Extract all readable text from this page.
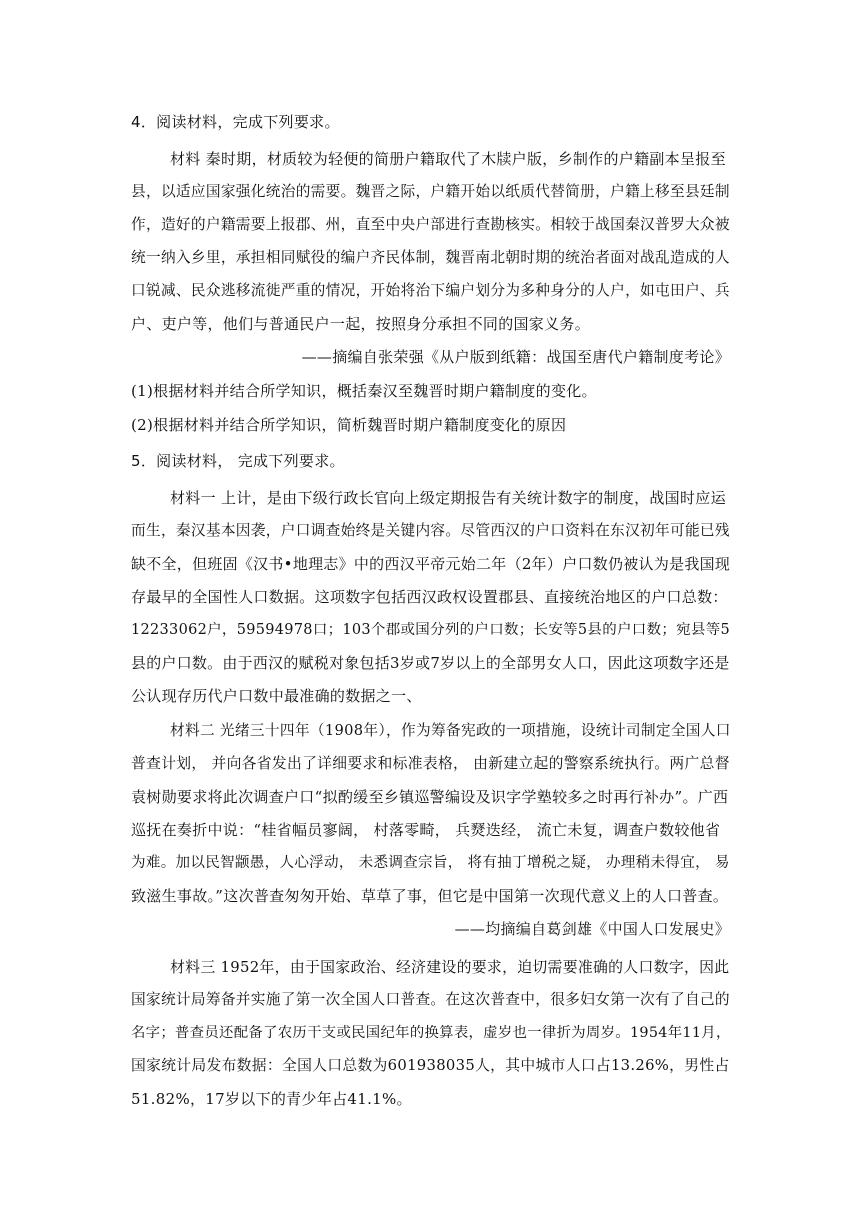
4．阅读材料，完成下列要求。
材料 秦时期，材质较为轻便的简册户籍取代了木牍户版，乡制作的户籍副本呈报至
县，以适应国家强化统治的需要。魏晋之际，户籍开始以纸质代替简册，户籍上移至县廷制
作，造好的户籍需要上报郡、州，直至中央户部进行查勘核实。相较于战国秦汉普罗大众被
统一纳入乡里，承担相同赋役的编户齐民体制，魏晋南北朝时期的统治者面对战乱造成的人
口锐减、民众逃移流徙严重的情况，开始将治下编户划分为多种身分的人户，如屯田户、兵
户、吏户等，他们与普通民户一起，按照身分承担不同的国家义务。
——摘编自张荣强《从户版到纸籍：战国至唐代户籍制度考论》
(1)根据材料并结合所学知识，概括秦汉至魏晋时期户籍制度的变化。
(2)根据材料并结合所学知识，简析魏晋时期户籍制度变化的原因
5．阅读材料， 完成下列要求。
材料一 上计，是由下级行政长官向上级定期报告有关统计数字的制度，战国时应运
而生，秦汉基本因袭，户口调查始终是关键内容。尽管西汉的户口资料在东汉初年可能已残
缺不全，但班固《汉书•地理志》中的西汉平帝元始二年（2年）户口数仍被认为是我国现
存最早的全国性人口数据。这项数字包括西汉政权设置郡县、直接统治地区的户口总数：
12233062户，59594978口；103个郡或国分列的户口数；长安等5县的户口数；宛县等5
县的户口数。由于西汉的赋税对象包括3岁或7岁以上的全部男女人口，因此这项数字还是
公认现存历代户口数中最准确的数据之一、
材料二 光绪三十四年（1908年），作为筹备宪政的一项措施，设统计司制定全国人口
普查计划， 并向各省发出了详细要求和标准表格， 由新建立起的警察系统执行。两广总督
袁树勋要求将此次调查户口“拟酌缓至乡镇巡警编设及识字学塾较多之时再行补办”。广西
巡抚在奏折中说：“桂省幅员寥阔， 村落零畸， 兵燹迭经， 流亡未复，调查户数较他省
为难。加以民智颛愚，人心浮动， 未悉调查宗旨， 将有抽丁增税之疑， 办理稍未得宜， 易
致滋生事故。”这次普查匆匆开始、草草了事，但它是中国第一次现代意义上的人口普查。
——均摘编自葛剑雄《中国人口发展史》
材料三 1952年，由于国家政治、经济建设的要求，迫切需要准确的人口数字，因此
国家统计局筹备并实施了第一次全国人口普查。在这次普查中，很多妇女第一次有了自己的
名字；普查员还配备了农历干支或民国纪年的换算表，虚岁也一律折为周岁。1954年11月，
国家统计局发布数据：全国人口总数为601938035人，其中城市人口占13.26%，男性占
51.82%，17岁以下的青少年占41.1%。
